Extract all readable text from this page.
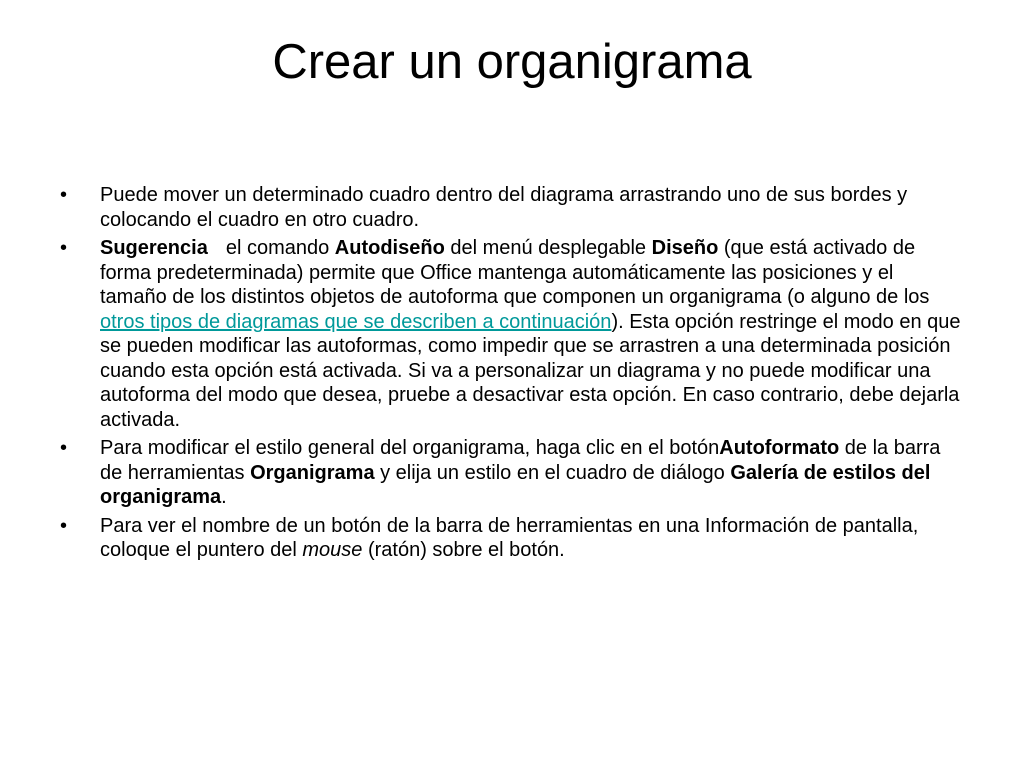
Crear un organigrama
•	Puede mover un determinado cuadro dentro del diagrama arrastrando uno de sus bordes y colocando el cuadro en otro cuadro.
•	Sugerencia el comando Autodiseño del menú desplegable Diseño (que está activado de forma predeterminada) permite que Office mantenga automáticamente las posiciones y el tamaño de los distintos objetos de autoforma que componen un organigrama (o alguno de los otros tipos de diagramas que se describen a continuación). Esta opción restringe el modo en que se pueden modificar las autoformas, como impedir que se arrastren a una determinada posición cuando esta opción está activada. Si va a personalizar un diagrama y no puede modificar una autoforma del modo que desea, pruebe a desactivar esta opción. En caso contrario, debe dejarla activada.
•	Para modificar el estilo general del organigrama, haga clic en el botónAutoformato de la barra de herramientas Organigrama y elija un estilo en el cuadro de diálogo Galería de estilos del organigrama.
•	Para ver el nombre de un botón de la barra de herramientas en una Información de pantalla, coloque el puntero del mouse (ratón) sobre el botón.
